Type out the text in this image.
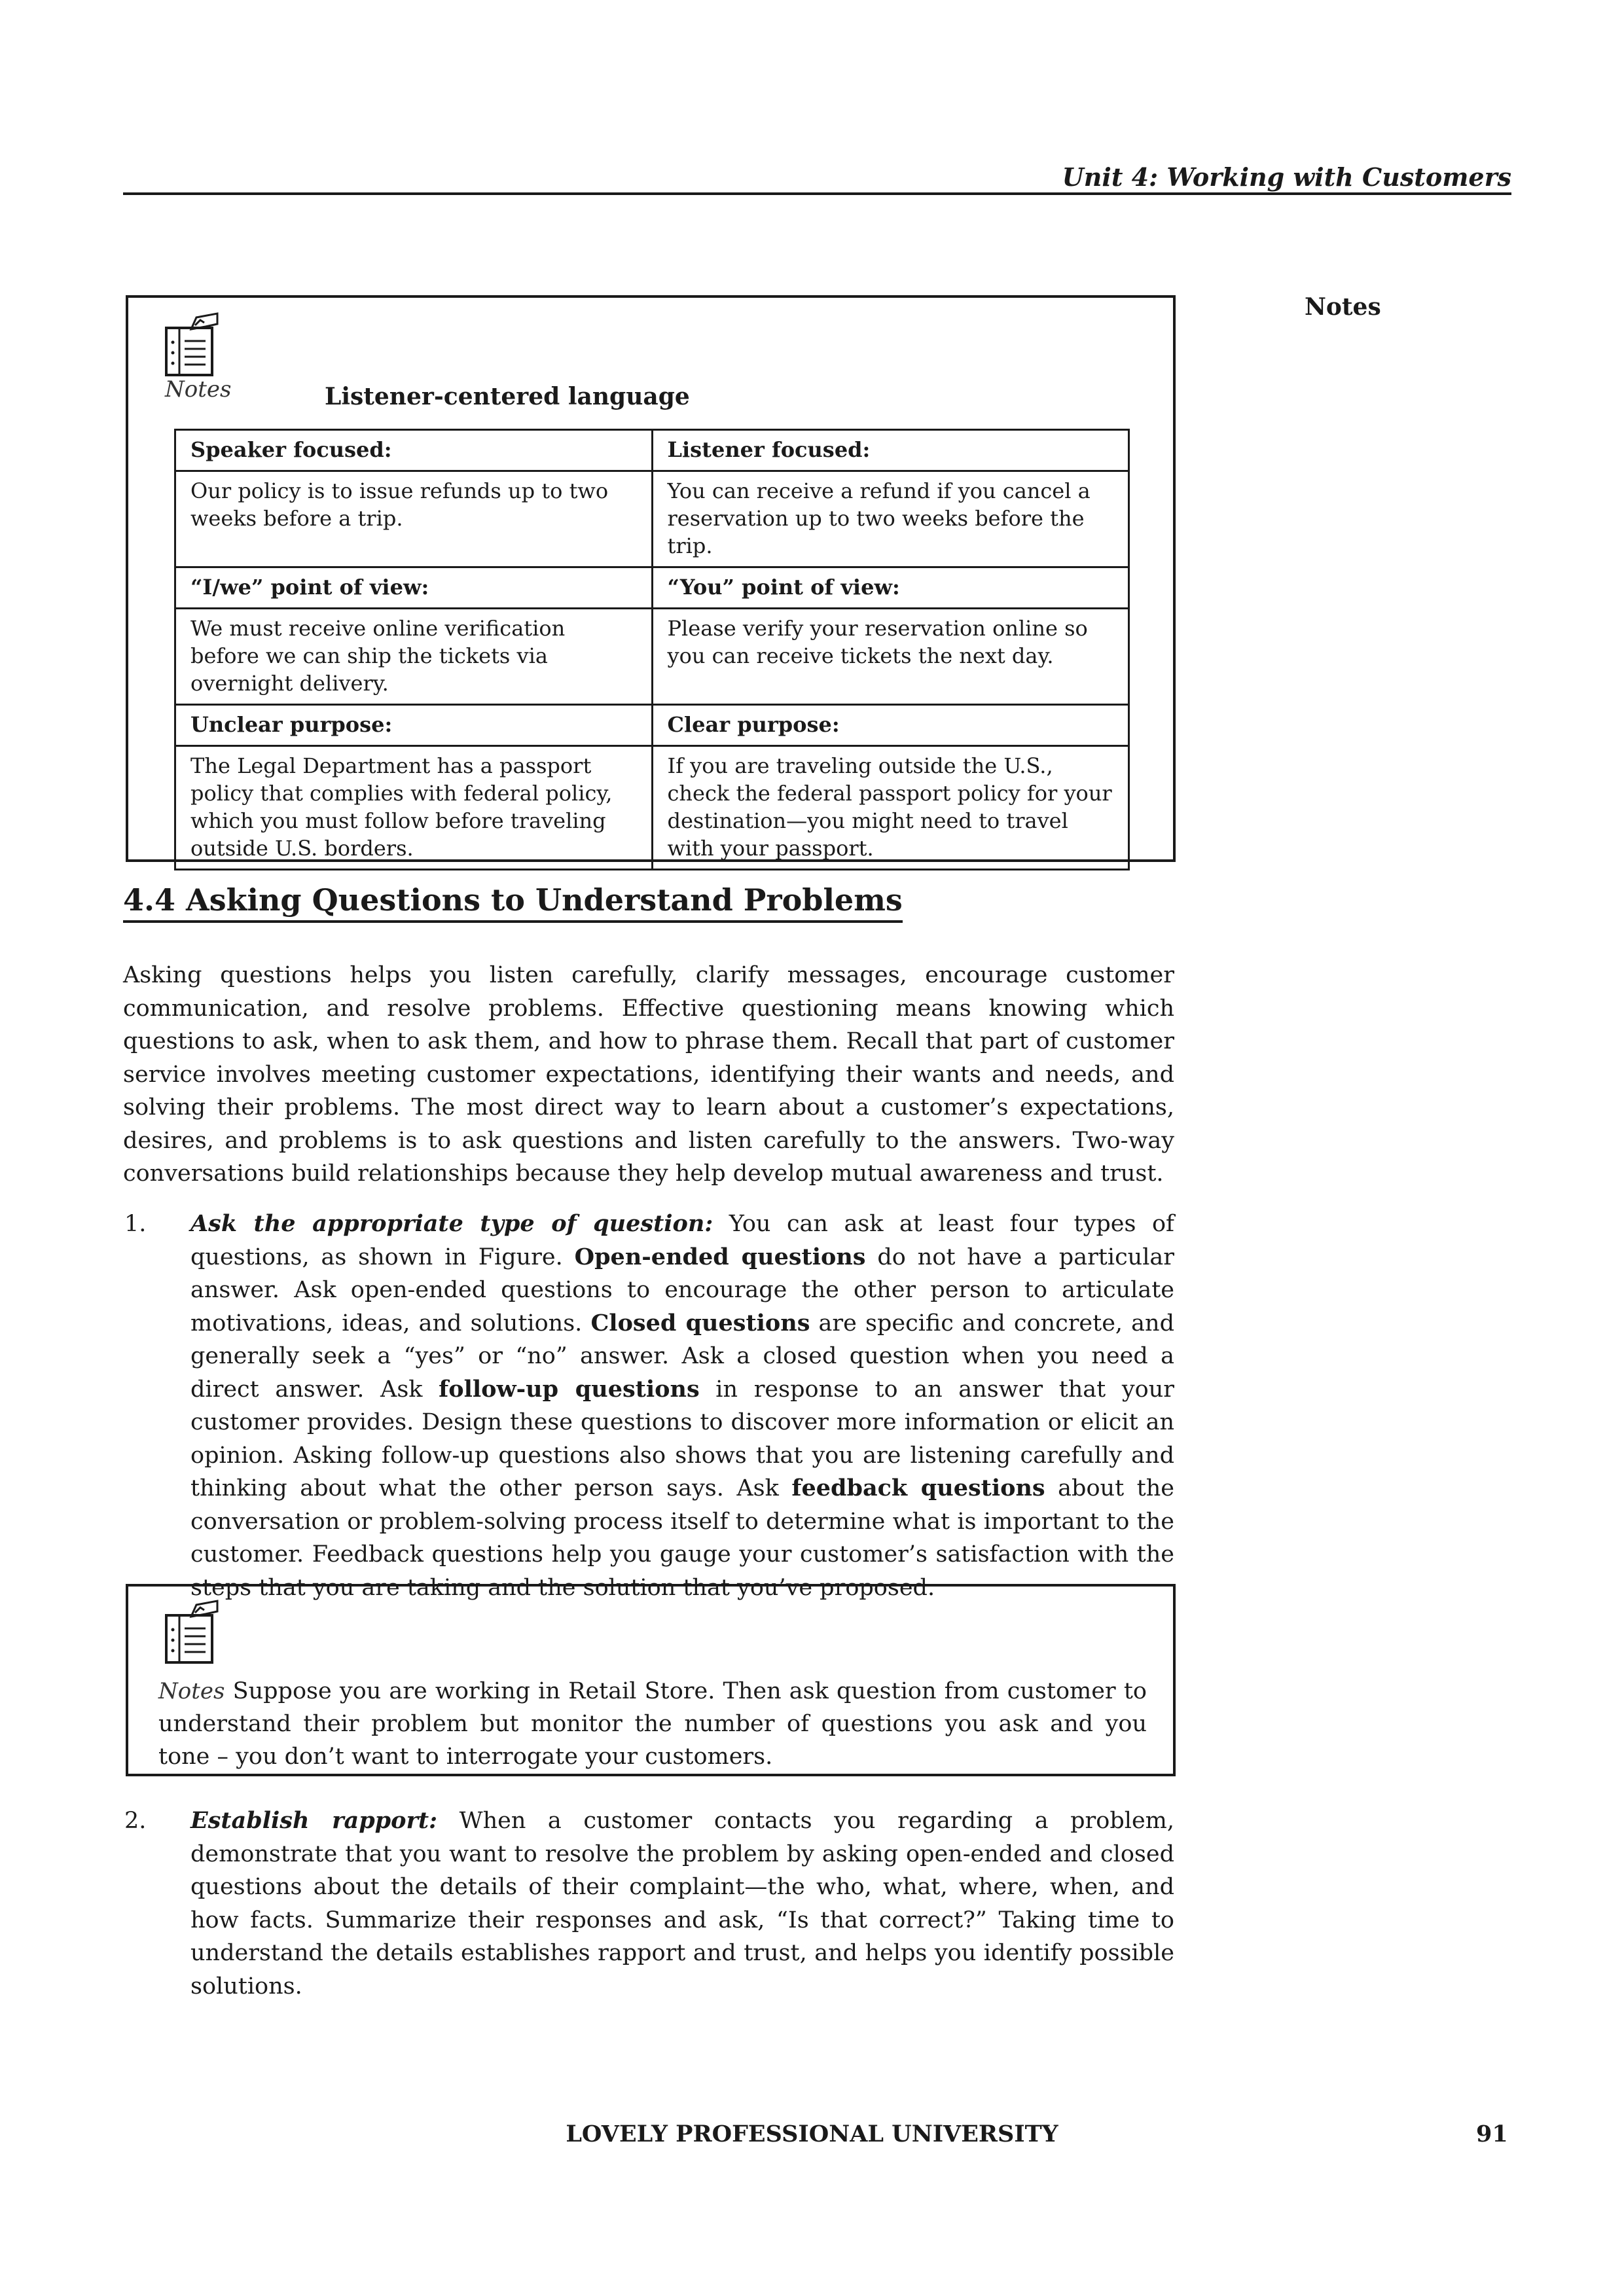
Unit 4: Working with Customers
Notes
Notes	Listener-centered language
Speaker focused:	Listener focused:
Our policy is to issue refunds up to two weeks before a trip.	You can receive a refund if you cancel a reservation up to two weeks before the trip.
“I/we” point of view:	“You” point of view:
We must receive online verification before we can ship the tickets via overnight delivery.	Please verify your reservation online so you can receive tickets the next day.
Unclear purpose:	Clear purpose:
The Legal Department has a passport policy that complies with federal policy, which you must follow before traveling outside U.S. borders.	If you are traveling outside the U.S., check the federal passport policy for your destination—you might need to travel with your passport.
4.4 Asking Questions to Understand Problems
Asking questions helps you listen carefully, clarify messages, encourage customer communication, and resolve problems. Effective questioning means knowing which questions to ask, when to ask them, and how to phrase them. Recall that part of customer service involves meeting customer expectations, identifying their wants and needs, and solving their problems. The most direct way to learn about a customer’s expectations, desires, and problems is to ask questions and listen carefully to the answers. Two-way conversations build relationships because they help develop mutual awareness and trust.
1. Ask the appropriate type of question: You can ask at least four types of questions, as shown in Figure. Open-ended questions do not have a particular answer. Ask open-ended questions to encourage the other person to articulate motivations, ideas, and solutions. Closed questions are specific and concrete, and generally seek a “yes” or “no” answer. Ask a closed question when you need a direct answer. Ask follow-up questions in response to an answer that your customer provides. Design these questions to discover more information or elicit an opinion. Asking follow-up questions also shows that you are listening carefully and thinking about what the other person says. Ask feedback questions about the conversation or problem-solving process itself to determine what is important to the customer. Feedback questions help you gauge your customer’s satisfaction with the steps that you are taking and the solution that you’ve proposed.
Notes Suppose you are working in Retail Store. Then ask question from customer to understand their problem but monitor the number of questions you ask and you tone – you don’t want to interrogate your customers.
2. Establish rapport: When a customer contacts you regarding a problem, demonstrate that you want to resolve the problem by asking open-ended and closed questions about the details of their complaint—the who, what, where, when, and how facts. Summarize their responses and ask, “Is that correct?” Taking time to understand the details establishes rapport and trust, and helps you identify possible solutions.
LOVELY PROFESSIONAL UNIVERSITY	91
